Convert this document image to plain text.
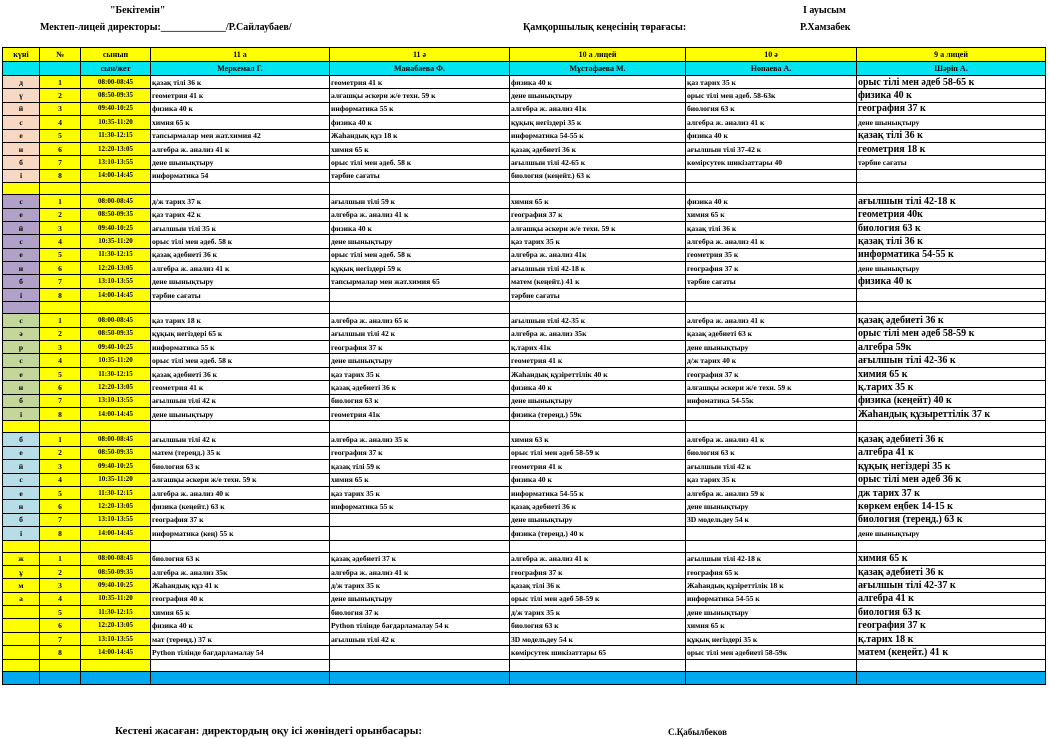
"Бекітемін"
Мектеп-лицей директоры:_____________/Р.Сайлаубаев/	Қамқоршылық кеңесінің төрағасы:
I ауысым
Р.Хамзабек
күні	№	сынып	11 а	11 ә	10 а лицей	10 ә	9 а лицей
		сын/жет	Меркемал Г.	Манабаева Ф.	Мұстафаева М.	Нопаева А.	Шәріп А.
д	1	08:00-08:45	қазақ тілі 36 к	геометрия 41 к	физика 40 к	қаз тарих 35 к	орыс тілі мен әдеб 58-65 к
ү	2	08:50-09:35	геометрия 41 к	алғашқы әскери ж/е техн. 59 к	дене шынықтыру	орыс тілі мен әдеб. 58-63к	физика 40 к
й	3	09:40-10:25	физика 40 к	информатика 55 к	алгебра ж. анализ 41к	биология 63 к	география 37 к
с	4	10:35-11:20	химия 65 к	физика 40 к	құқық негіздері 35 к	алгебра ж. анализ 41 к	дене шынықтыру
е	5	11:30-12:15	тапсырмалар мен жат.химия 42	Жаһандық құз 18 к	информатика 54-55 к	физика 40 к	қазақ тілі 36 к
н	6	12:20-13:05	алгебра ж. анализ 41 к	химия 65 к	қазақ әдебиеті 36 к	ағылшын тілі 37-42 к	геометрия 18 к
б	7	13:10-13:55	дене шынықтыру	орыс тілі мен әдеб. 58 к	ағылшын тілі 42-65 к	көмірсутек шикізаттары 40	тәрбие сағаты
і	8	14:00-14:45	информатика 54	тәрбие сағаты	биология (кеңейт.) 63 к		

с	1	08:00-08:45	д/ж тарих 37 к	ағылшын тілі 59 к	химия 65 к	физика 40 к	ағылшын тілі 42-18 к
е	2	08:50-09:35	қаз тарих 42 к	алгебра ж. анализ 41 к	география 37 к	химия 65 к	геометрия 40к
й	3	09:40-10:25	ағылшын тілі 35 к	физика 40 к	алғашқы әскери ж/е техн. 59 к	қазақ тілі 36 к	биология 63 к
с	4	10:35-11:20	орыс тілі мен әдеб. 58 к	дене шынықтыру	қаз тарих 35 к	алгебра ж. анализ 41 к	қазақ тілі 36 к
е	5	11:30-12:15	қазақ әдебиеті 36 к	орыс тілі мен әдеб. 58 к	алгебра ж. анализ 41к	геометрия 35 к	информатика 54-55 к
н	6	12:20-13:05	алгебра ж. анализ 41 к	құқық негіздері 59 к	ағылшын тілі 42-18 к	география 37 к	дене шынықтыру
б	7	13:10-13:55	дене шынықтыру	тапсырмалар мен жат.химия 65	матем (кеңейт.) 41 к	тәрбие сағаты	физика 40 к
і	8	14:00-14:45	тәрбие сағаты		тәрбие сағаты		

с	1	08:00-08:45	қаз тарих 18 к	алгебра ж. анализ 65 к	ағылшын тілі 42-35 к	алгебра ж. анализ 41 к	қазақ әдебиеті 36 к
ә	2	08:50-09:35	құқық негіздері 65 к	ағылшын тілі 42 к	алгебра ж. анализ 35к	қазақ әдебиеті 63 к	орыс тілі мен әдеб 58-59 к
р	3	09:40-10:25	информатика 55 к	география 37 к	қ.тарих 41к	дене шынықтыру	алгебра 59к
с	4	10:35-11:20	орыс тілі мен әдеб. 58 к	дене шынықтыру	геометрия 41 к	д/ж тарих 40 к	ағылшын тілі 42-36 к
е	5	11:30-12:15	қазақ әдебиеті 36 к	қаз тарих 35 к	Жаһандық құзіреттілік 40 к	география 37 к	химия 65 к
н	6	12:20-13:05	геометрия 41 к	қазақ әдебиеті 36 к	физика 40 к	алғашқы әскери ж/е техн. 59 к	қ.тарих 35 к
б	7	13:10-13:55	ағылшын тілі 42 к	биология 63 к	дене шынықтыру	инфоматика 54-55к	физика (кеңейт) 40 к
і	8	14:00-14:45	дене шынықтыру	геометрия 41к	физика (тереңд.) 59к		Жаһандық құзыреттілік 37 к

б	1	08:00-08:45	ағылшын тілі 42 к	алгебра ж. анализ 35 к	химия 63 к	алгебра ж. анализ 41 к	қазақ әдебиеті 36 к
е	2	08:50-09:35	матем (тереңд.) 35 к	география 37 к	орыс тілі мен әдеб 58-59 к	биология 63 к	алгебра 41 к
й	3	09:40-10:25	биология 63 к	қазақ тілі 59 к	геометрия 41 к	ағылшын тілі 42 к	құқық негіздері 35 к
с	4	10:35-11:20	алғашқы әскери ж/е техн. 59 к	химия 65 к	физика 40 к	қаз тарих 35 к	орыс тілі мен әдеб 36 к
е	5	11:30-12:15	алгебра ж. анализ 40 к	қаз тарих 35 к	информатика 54-55 к	алгебра ж. анализ 59 к	дж тарих 37 к
н	6	12:20-13:05	физика (кеңейт.) 63 к	информатика 55 к	қазақ әдебиеті 36 к	дене шынықтыру	көркем еңбек 14-15 к
б	7	13:10-13:55	география 37 к		дене шынықтыру	3D модельдеу 54 к	биология (тереңд.) 63 к
і	8	14:00-14:45	информатика (кең) 55 к		физика (тереңд.) 40 к		дене шынықтыру

ж	1	08:00-08:45	биология 63 к	қазақ әдебиеті 37 к	алгебра ж. анализ 41 к	ағылшын тілі 42-18 к	химия 65 к
ұ	2	08:50-09:35	алгебра ж. анализ 35к	алгебра ж. анализ 41 к	география 37 к	география 65 к	қазақ әдебиеті 36 к
м	3	09:40-10:25	Жаһандық құз 41 к	д/ж тарих 35 к	қазақ тілі 36 к	Жаһандық құзіреттілік 18 к	ағылшын тілі 42-37 к
а	4	10:35-11:20	география 40 к	дене шынықтыру	орыс тілі мен әдеб 58-59 к	информатика 54-55 к	алгебра 41 к
	5	11:30-12:15	химия 65 к	биология 37 к	д/ж тарих 35 к	дене шынықтыру	биология 63 к
	6	12:20-13:05	физика 40 к	Python тілінде бағдарламалау 54 к	биология 63 к	химия 65 к	география 37 к
	7	13:10-13:55	мат (тереңд.) 37 к	ағылшын тілі 42 к	3D модельдеу 54 к	құқық негіздері 35 к	қ.тарих 18 к
	8	14:00-14:45	Python тілінде бағдарламалау 54		көмірсутек шикізаттары 65	орыс тілі мен әдебиеті 58-59к	матем (кеңейт.) 41 к

Кестені жасаған: директордың оқу ісі жөніндегі орынбасары:	С.Қабылбеков
